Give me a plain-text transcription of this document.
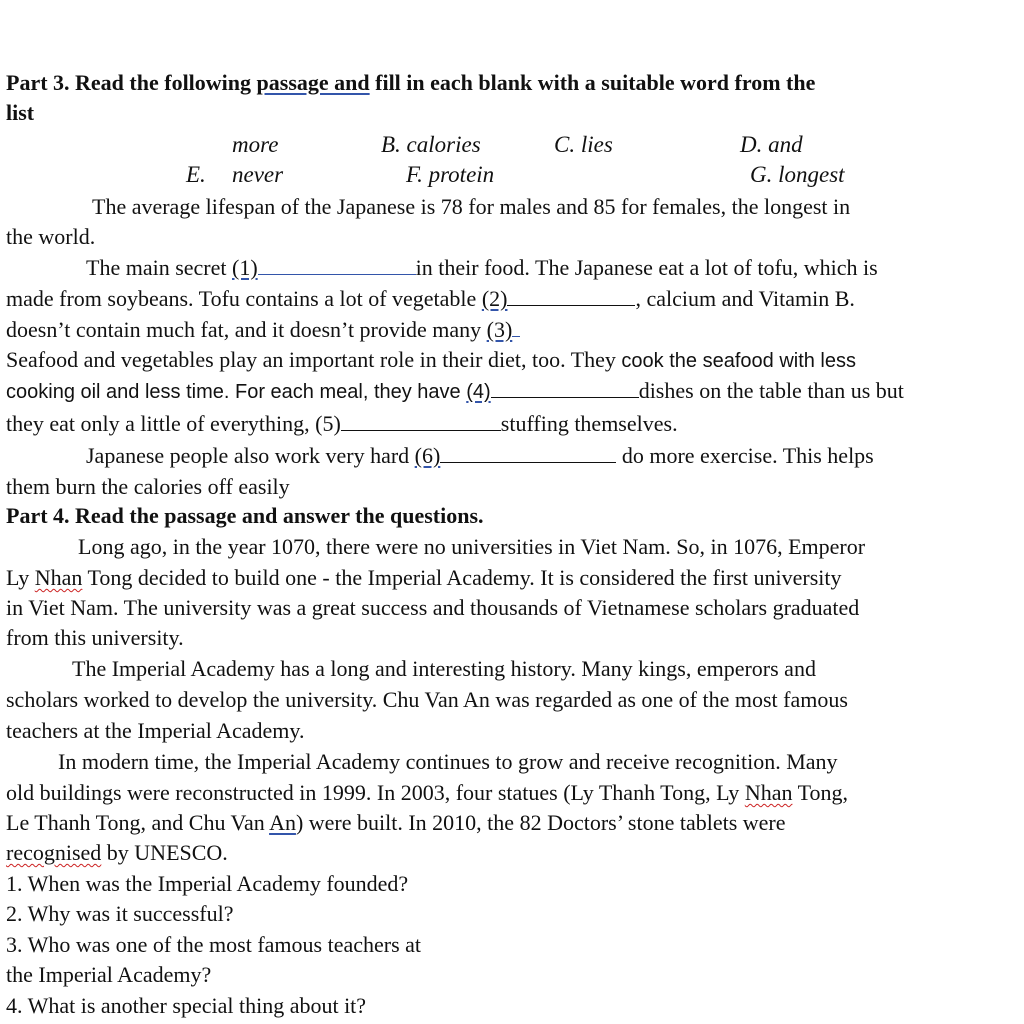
Part 3. Read the following passage and fill in each blank with a suitable word from the
list
more	B. calories	C. lies	D. and
E. never	F. protein	G. longest
The average lifespan of the Japanese is 78 for males and 85 for females, the longest in
the world.
The main secret (1)	in their food. The Japanese eat a lot of tofu, which is
made from soybeans. Tofu contains a lot of vegetable (2)	, calcium and Vitamin B.
doesn’t contain much fat, and it doesn’t provide many (3)
Seafood and vegetables play an important role in their diet, too. They cook the seafood with less
cooking oil and less time. For each meal, they have (4)	dishes on the table than us but
they eat only a little of everything, (5)	stuffing themselves.
Japanese people also work very hard (6)	do more exercise. This helps
them burn the calories off easily
Part 4. Read the passage and answer the questions.
Long ago, in the year 1070, there were no universities in Viet Nam. So, in 1076, Emperor
Ly Nhan Tong decided to build one - the Imperial Academy. It is considered the first university
in Viet Nam. The university was a great success and thousands of Vietnamese scholars graduated
from this university.
The Imperial Academy has a long and interesting history. Many kings, emperors and
scholars worked to develop the university. Chu Van An was regarded as one of the most famous
teachers at the Imperial Academy.
In modern time, the Imperial Academy continues to grow and receive recognition. Many
old buildings were reconstructed in 1999. In 2003, four statues (Ly Thanh Tong, Ly Nhan Tong,
Le Thanh Tong, and Chu Van An) were built. In 2010, the 82 Doctors’ stone tablets were
recognised by UNESCO.
1. When was the Imperial Academy founded?
2. Why was it successful?
3. Who was one of the most famous teachers at
the Imperial Academy?
4. What is another special thing about it?
